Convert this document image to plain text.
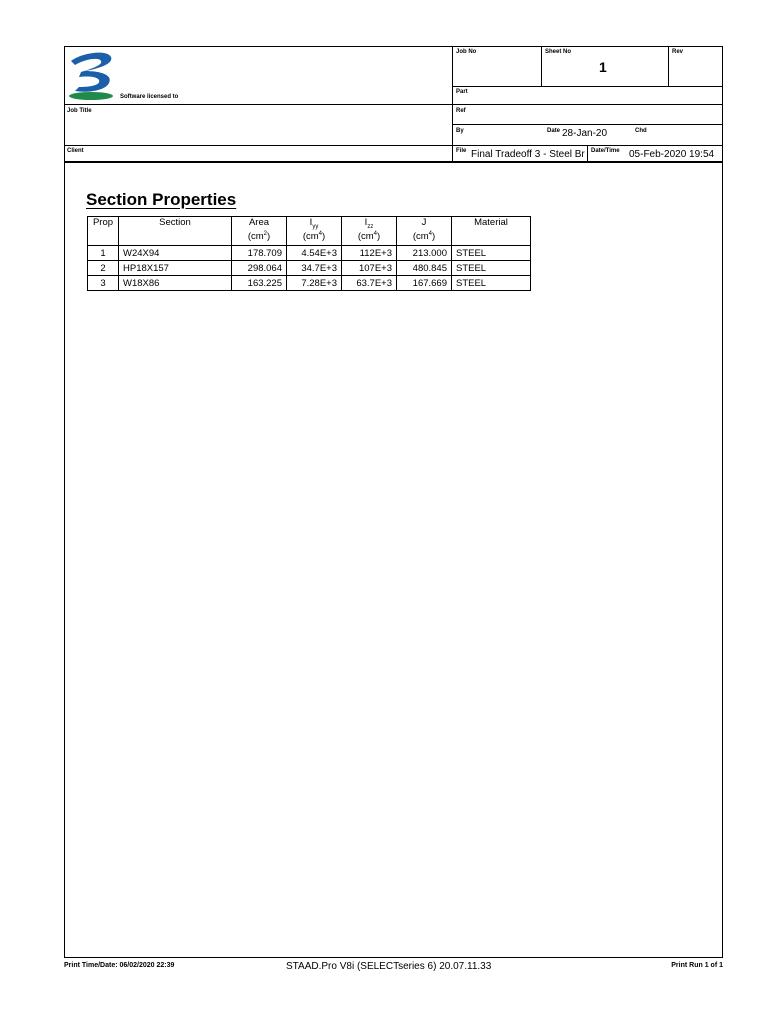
Software licensed to
Job No	Sheet No
1
Rev
Part
Job Title	Ref
By	Date 28-Jan-20	Chd
Client	File Final Tradeoff 3 - Steel Br Date/Time 05-Feb-2020 19:54
Section Properties
Prop	Section	Area	$I_{yy}$	$I_{zz}$	J	Material
		$(cm^2)$	$(cm^4)$	$(cm^4)$	$(cm^4)$	
1	W24X94	178.709	4.54E+3	112E+3	213.000	STEEL
2	HP18X157	298.064	34.7E+3	107E+3	480.845	STEEL
3	W18X86	163.225	7.28E+3	63.7E+3	167.669	STEEL
Print Time/Date: 06/02/2020 22:39	STAAD.Pro V8i (SELECTseries 6) 20.07.11.33	Print Run 1 of 1
